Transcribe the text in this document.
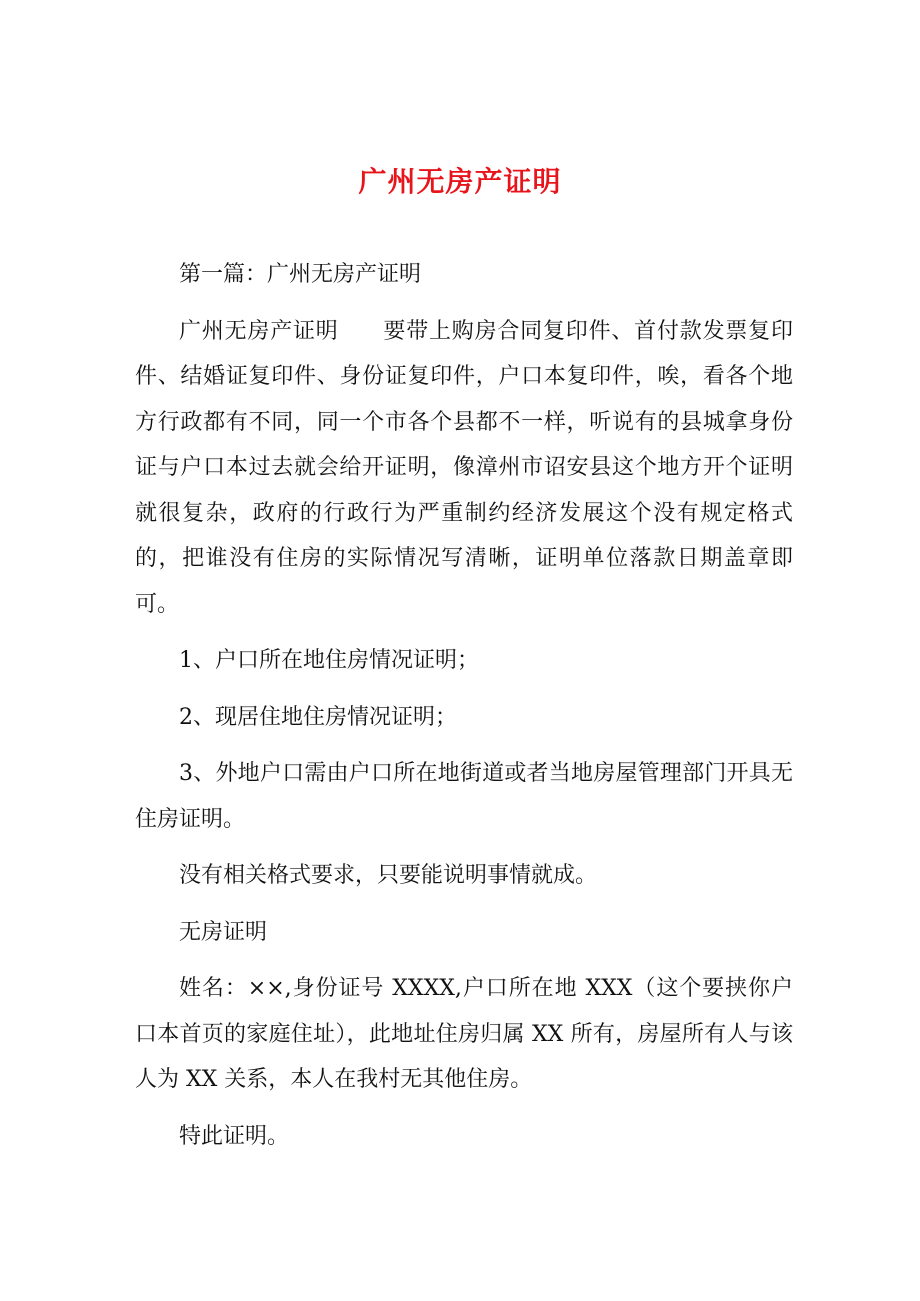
广州无房产证明

第一篇：广州无房产证明

广州无房产证明 要带上购房合同复印件、首付款发票复印件、结婚证复印件、身份证复印件，户口本复印件，唉，看各个地方行政都有不同，同一个市各个县都不一样，听说有的县城拿身份证与户口本过去就会给开证明，像漳州市诏安县这个地方开个证明就很复杂，政府的行政行为严重制约经济发展这个没有规定格式的，把谁没有住房的实际情况写清晰，证明单位落款日期盖章即可。

1、户口所在地住房情况证明；

2、现居住地住房情况证明；

3、外地户口需由户口所在地街道或者当地房屋管理部门开具无住房证明。

没有相关格式要求，只要能说明事情就成。

无房证明

姓名：××,身份证号 XXXX,户口所在地 XXX（这个要挟你户口本首页的家庭住址），此地址住房归属 XX 所有，房屋所有人与该人为 XX 关系，本人在我村无其他住房。

特此证明。
